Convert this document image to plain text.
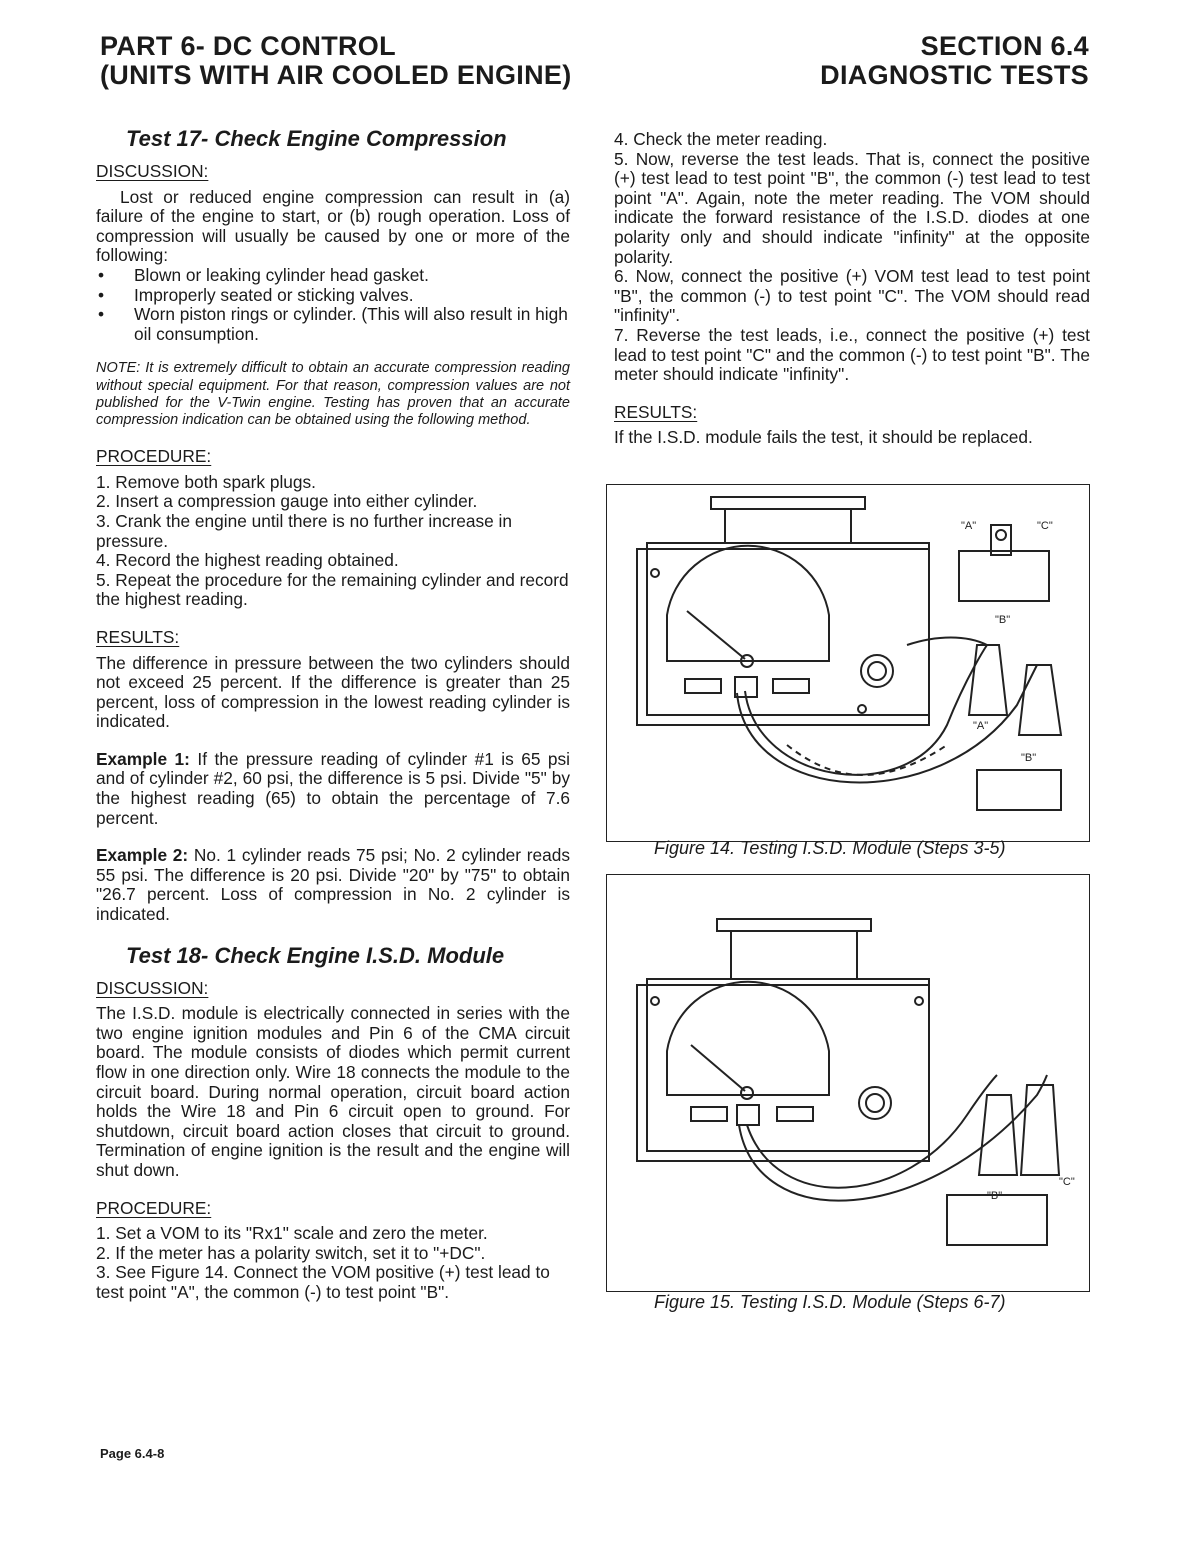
PART 6- DC CONTROL
(UNITS WITH AIR COOLED ENGINE)
SECTION 6.4
DIAGNOSTIC TESTS
Test 17- Check Engine Compression
DISCUSSION:

Lost or reduced engine compression can result in (a) failure of the engine to start, or (b) rough operation. Loss of compression will usually be caused by one or more of the following:

• Blown or leaking cylinder head gasket.
• Improperly seated or sticking valves.
• Worn piston rings or cylinder. (This will also result in high oil consumption.
NOTE: It is extremely difficult to obtain an accurate compression reading without special equipment. For that reason, compression values are not published for the V-Twin engine. Testing has proven that an accurate compression indication can be obtained using the following method.
PROCEDURE:
1. Remove both spark plugs.
2. Insert a compression gauge into either cylinder.
3. Crank the engine until there is no further increase in pressure.
4. Record the highest reading obtained.
5. Repeat the procedure for the remaining cylinder and record the highest reading.
RESULTS:

The difference in pressure between the two cylinders should not exceed 25 percent. If the difference is greater than 25 percent, loss of compression in the lowest reading cylinder is indicated.

Example 1: If the pressure reading of cylinder #1 is 65 psi and of cylinder #2, 60 psi, the difference is 5 psi. Divide "5" by the highest reading (65) to obtain the percentage of 7.6 percent.

Example 2: No. 1 cylinder reads 75 psi; No. 2 cylinder reads 55 psi. The difference is 20 psi. Divide "20" by "75" to obtain "26.7 percent. Loss of compression in No. 2 cylinder is indicated.

Test 18- Check Engine I.S.D. Module
DISCUSSION:

The I.S.D. module is electrically connected in series with the two engine ignition modules and Pin 6 of the CMA circuit board. The module consists of diodes which permit current flow in one direction only. Wire 18 connects the module to the circuit board. During normal operation, circuit board action holds the Wire 18 and Pin 6 circuit open to ground. For shutdown, circuit board action closes that circuit to ground. Termination of engine ignition is the result and the engine will shut down.

PROCEDURE:
1. Set a VOM to its "Rx1" scale and zero the meter.
2. If the meter has a polarity switch, set it to "+DC".
3. See Figure 14. Connect the VOM positive (+) test lead to test point "A", the common (-) to test point "B".
4. Check the meter reading.

5. Now, reverse the test leads. That is, connect the positive (+) test lead to test point "B", the common (-) test lead to test point "A". Again, note the meter reading. The VOM should indicate the forward resistance of the I.S.D. diodes at one polarity only and should indicate "infinity" at the opposite polarity.

6. Now, connect the positive (+) VOM test lead to test point "B", the common (-) to test point "C". The VOM should read "infinity".

7. Reverse the test leads, i.e., connect the positive (+) test lead to test point "C" and the common (-) to test point "B". The meter should indicate "infinity".

RESULTS:

If the I.S.D. module fails the test, it should be replaced.

"A"	"C"
"B"
"A"
"B"
Figure 14. Testing I.S.D. Module (Steps 3-5)
"B"
"C"
Figure 15. Testing I.S.D. Module (Steps 6-7)
Page 6.4-8
